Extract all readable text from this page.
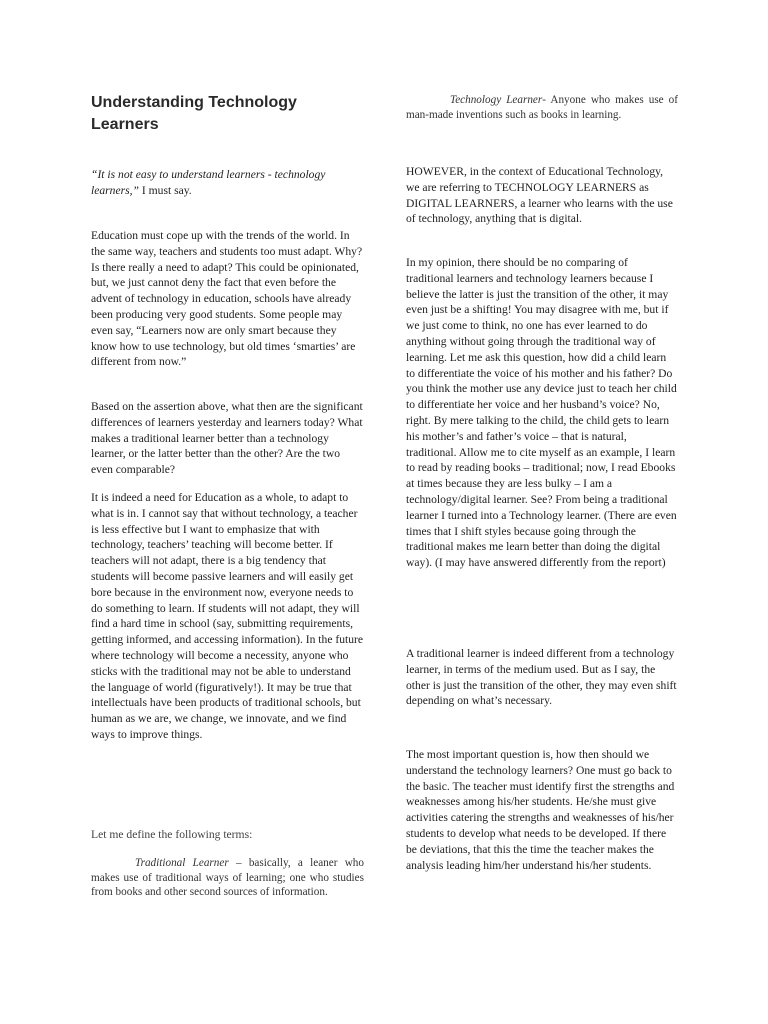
Understanding Technology Learners

“It is not easy to understand learners - technology learners,” I must say.

Education must cope up with the trends of the world. In the same way, teachers and students too must adapt. Why? Is there really a need to adapt? This could be opinionated, but, we just cannot deny the fact that even before the advent of technology in education, schools have already been producing very good students. Some people may even say, “Learners now are only smart because they know how to use technology, but old times ‘smarties’ are different from now.”

Based on the assertion above, what then are the significant differences of learners yesterday and learners today? What makes a traditional learner better than a technology learner, or the latter better than the other? Are the two even comparable?

It is indeed a need for Education as a whole, to adapt to what is in. I cannot say that without technology, a teacher is less effective but I want to emphasize that with technology, teachers’ teaching will become better. If teachers will not adapt, there is a big tendency that students will become passive learners and will easily get bore because in the environment now, everyone needs to do something to learn. If students will not adapt, they will find a hard time in school (say, submitting requirements, getting informed, and accessing information). In the future where technology will become a necessity, anyone who sticks with the traditional may not be able to understand the language of world (figuratively!). It may be true that intellectuals have been products of traditional schools, but human as we are, we change, we innovate, and we find ways to improve things.

Let me define the following terms:

Traditional Learner – basically, a leaner who makes use of traditional ways of learning; one who studies from books and other second sources of information.

Technology Learner- Anyone who makes use of man-made inventions such as books in learning.

HOWEVER, in the context of Educational Technology, we are referring to TECHNOLOGY LEARNERS as DIGITAL LEARNERS, a learner who learns with the use of technology, anything that is digital.

In my opinion, there should be no comparing of traditional learners and technology learners because I believe the latter is just the transition of the other, it may even just be a shifting! You may disagree with me, but if we just come to think, no one has ever learned to do anything without going through the traditional way of learning. Let me ask this question, how did a child learn to differentiate the voice of his mother and his father? Do you think the mother use any device just to teach her child to differentiate her voice and her husband’s voice? No, right. By mere talking to the child, the child gets to learn his mother’s and father’s voice – that is natural, traditional. Allow me to cite myself as an example, I learn to read by reading books – traditional; now, I read Ebooks at times because they are less bulky – I am a technology/digital learner. See? From being a traditional learner I turned into a Technology learner. (There are even times that I shift styles because going through the traditional makes me learn better than doing the digital way). (I may have answered differently from the report)

A traditional learner is indeed different from a technology learner, in terms of the medium used. But as I say, the other is just the transition of the other, they may even shift depending on what’s necessary.

The most important question is, how then should we understand the technology learners? One must go back to the basic. The teacher must identify first the strengths and weaknesses among his/her students. He/she must give activities catering the strengths and weaknesses of his/her students to develop what needs to be developed. If there be deviations, that this the time the teacher makes the analysis leading him/her understand his/her students.
